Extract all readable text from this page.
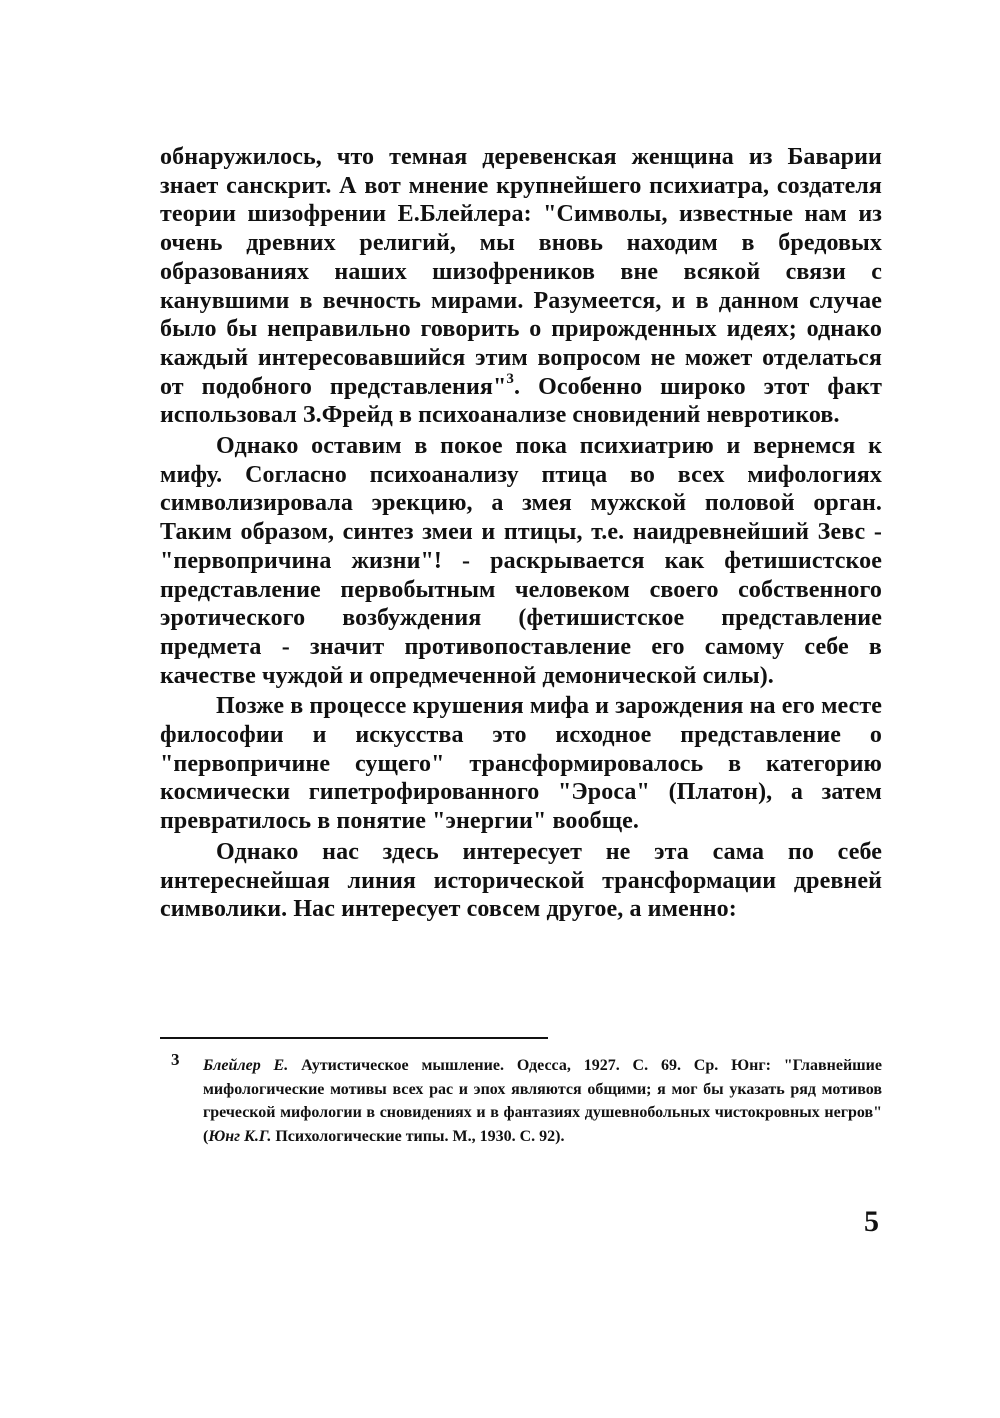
обнаружилось, что темная деревенская женщина из Баварии знает санскрит. А вот мнение крупнейшего психиатра, создателя теории шизофрении Е.Блейлера: "Символы, известные нам из очень древних религий, мы вновь находим в бредовых образованиях наших шизофреников вне всякой связи с канувшими в вечность мирами. Разумеется, и в данном случае было бы неправильно говорить о прирожденных идеях; однако каждый интересовавшийся этим вопросом не может отделаться от подобного представления"$^3$. Особенно широко этот факт использовал З.Фрейд в психоанализе сновидений невротиков.

Однако оставим в покое пока психиатрию и вернемся к мифу. Согласно психоанализу птица во всех мифологиях символизировала эрекцию, а змея мужской половой орган. Таким образом, синтез змеи и птицы, т.е. наидревнейший Зевс - "первопричина жизни"! - раскрывается как фетишистское представление первобытным человеком своего собственного эротического возбуждения (фетишистское представление предмета - значит противопоставление его самому себе в качестве чуждой и опредмеченной демонической силы).

Позже в процессе крушения мифа и зарождения на его месте философии и искусства это исходное представление о "первопричине сущего" трансформировалось в категорию космически гипетрофированного "Эроса" (Платон), а затем превратилось в понятие "энергии" вообще.

Однако нас здесь интересует не эта сама по себе интереснейшая линия исторической трансформации древней символики. Нас интересует совсем другое, а именно:

3 Блейлер Е. Аутистическое мышление. Одесса, 1927. С. 69. Ср. Юнг: "Главнейшие мифологические мотивы всех рас и эпох являются общими; я мог бы указать ряд мотивов греческой мифологии в сновидениях и в фантазиях душевнобольных чистокровных негров" (Юнг К.Г. Психологические типы. М., 1930. С. 92).
5
